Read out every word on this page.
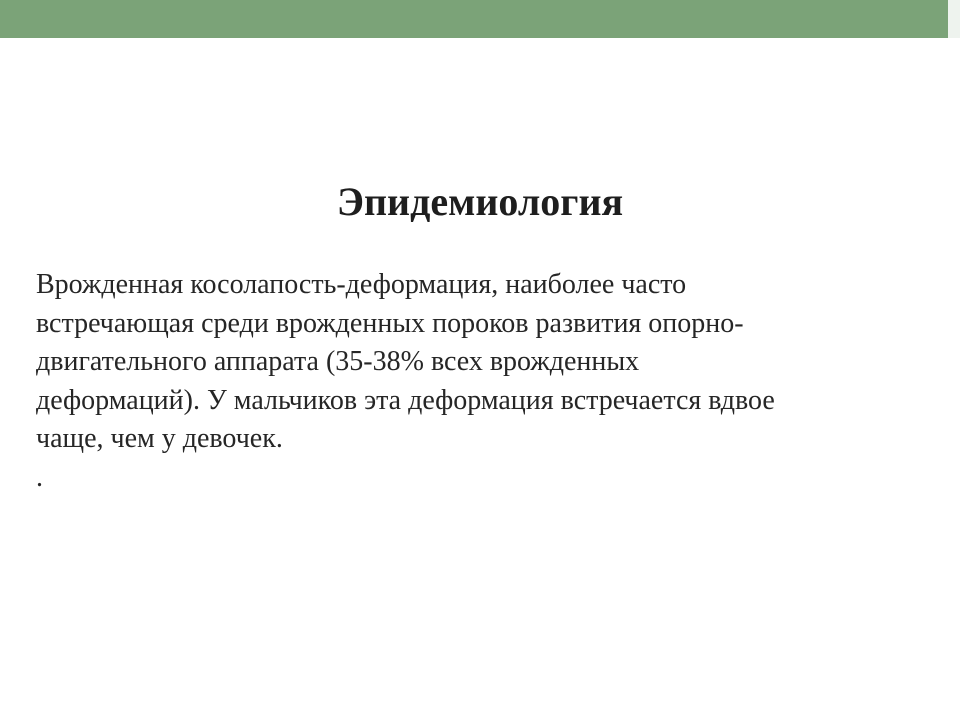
Эпидемиология
Врожденная косолапость-деформация, наиболее часто
встречающая среди врожденных пороков развития опорно-
двигательного аппарата (35-38% всех врожденных
деформаций). У мальчиков эта деформация встречается вдвое
чаще, чем у девочек.
.
